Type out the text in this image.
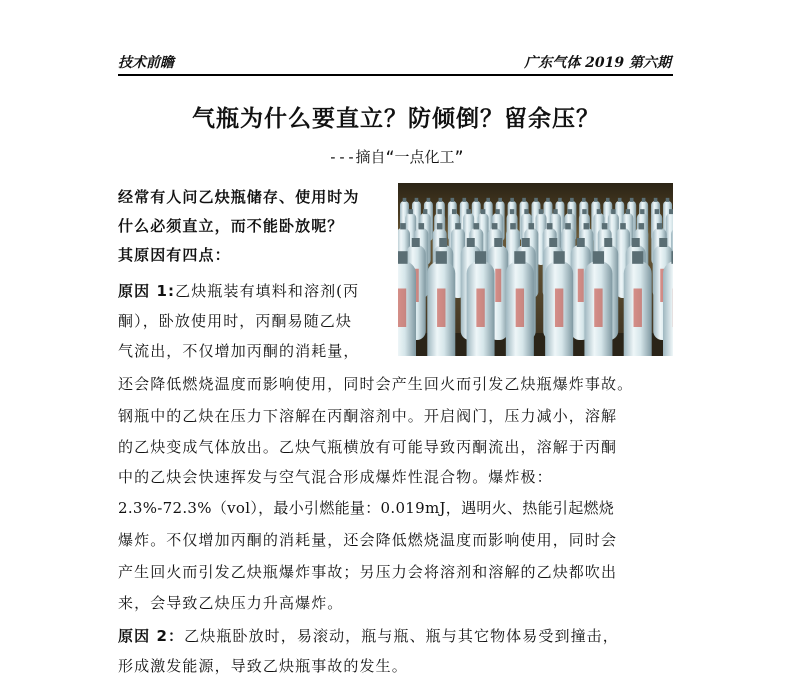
技术前瞻	广东气体 2019 第六期
气瓶为什么要直立？防倾倒？留余压？
---摘自“一点化工”
经常有人问乙炔瓶储存、使用时为
什么必须直立，而不能卧放呢？
其原因有四点：
原因 1:乙炔瓶装有填料和溶剂(丙
酮），卧放使用时，丙酮易随乙炔
气流出，不仅增加丙酮的消耗量，
还会降低燃烧温度而影响使用，同时会产生回火而引发乙炔瓶爆炸事故。
钢瓶中的乙炔在压力下溶解在丙酮溶剂中。开启阀门，压力减小，溶解
的乙炔变成气体放出。乙炔气瓶横放有可能导致丙酮流出，溶解于丙酮
中的乙炔会快速挥发与空气混合形成爆炸性混合物。爆炸极：
2.3%-72.3%（vol），最小引燃能量：0.019mJ，遇明火、热能引起燃烧
爆炸。不仅增加丙酮的消耗量，还会降低燃烧温度而影响使用，同时会
产生回火而引发乙炔瓶爆炸事故；另压力会将溶剂和溶解的乙炔都吹出
来，会导致乙炔压力升高爆炸。
原因 2：乙炔瓶卧放时，易滚动，瓶与瓶、瓶与其它物体易受到撞击，
形成激发能源，导致乙炔瓶事故的发生。
